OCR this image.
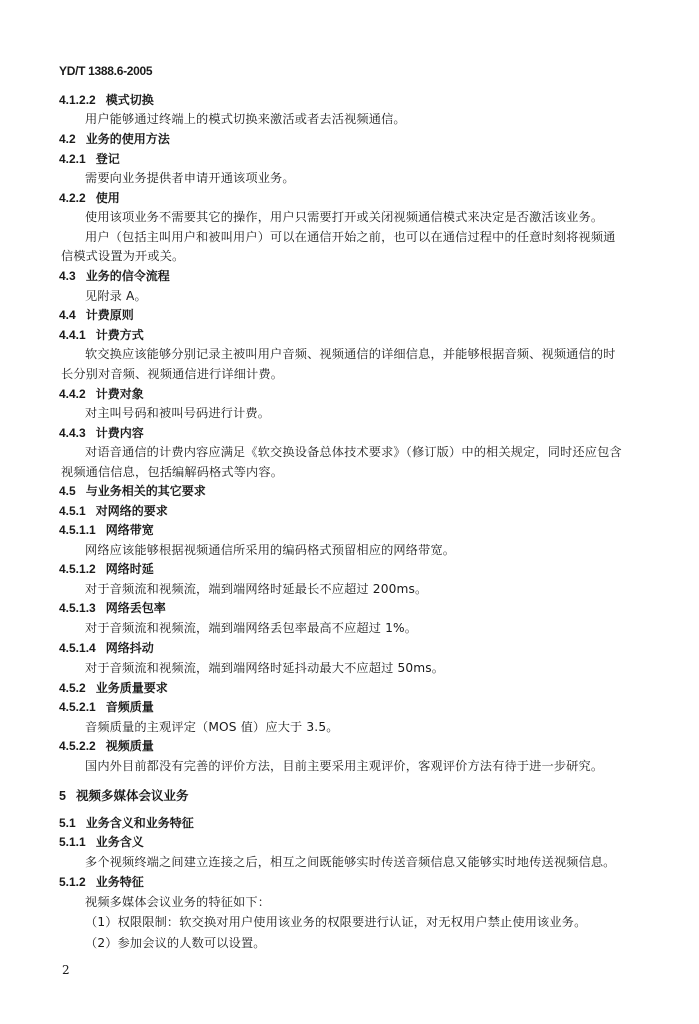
YD/T 1388.6-2005
4.1.2.2 模式切换
用户能够通过终端上的模式切换来激活或者去活视频通信。
4.2 业务的使用方法
4.2.1 登记
需要向业务提供者申请开通该项业务。
4.2.2 使用
使用该项业务不需要其它的操作，用户只需要打开或关闭视频通信模式来决定是否激活该业务。
用户（包括主叫用户和被叫用户）可以在通信开始之前，也可以在通信过程中的任意时刻将视频通
信模式设置为开或关。
4.3 业务的信令流程
见附录 A。
4.4 计费原则
4.4.1 计费方式
软交换应该能够分别记录主被叫用户音频、视频通信的详细信息，并能够根据音频、视频通信的时
长分别对音频、视频通信进行详细计费。
4.4.2 计费对象
对主叫号码和被叫号码进行计费。
4.4.3 计费内容
对语音通信的计费内容应满足《软交换设备总体技术要求》（修订版）中的相关规定，同时还应包含
视频通信信息，包括编解码格式等内容。
4.5 与业务相关的其它要求
4.5.1 对网络的要求
4.5.1.1 网络带宽
网络应该能够根据视频通信所采用的编码格式预留相应的网络带宽。
4.5.1.2 网络时延
对于音频流和视频流，端到端网络时延最长不应超过 200ms。
4.5.1.3 网络丢包率
对于音频流和视频流，端到端网络丢包率最高不应超过 1%。
4.5.1.4 网络抖动
对于音频流和视频流，端到端网络时延抖动最大不应超过 50ms。
4.5.2 业务质量要求
4.5.2.1 音频质量
音频质量的主观评定（MOS 值）应大于 3.5。
4.5.2.2 视频质量
国内外目前都没有完善的评价方法，目前主要采用主观评价，客观评价方法有待于进一步研究。
5 视频多媒体会议业务
5.1 业务含义和业务特征
5.1.1 业务含义
多个视频终端之间建立连接之后，相互之间既能够实时传送音频信息又能够实时地传送视频信息。
5.1.2 业务特征
视频多媒体会议业务的特征如下：
（1）权限限制：软交换对用户使用该业务的权限要进行认证，对无权用户禁止使用该业务。
（2）参加会议的人数可以设置。
2
